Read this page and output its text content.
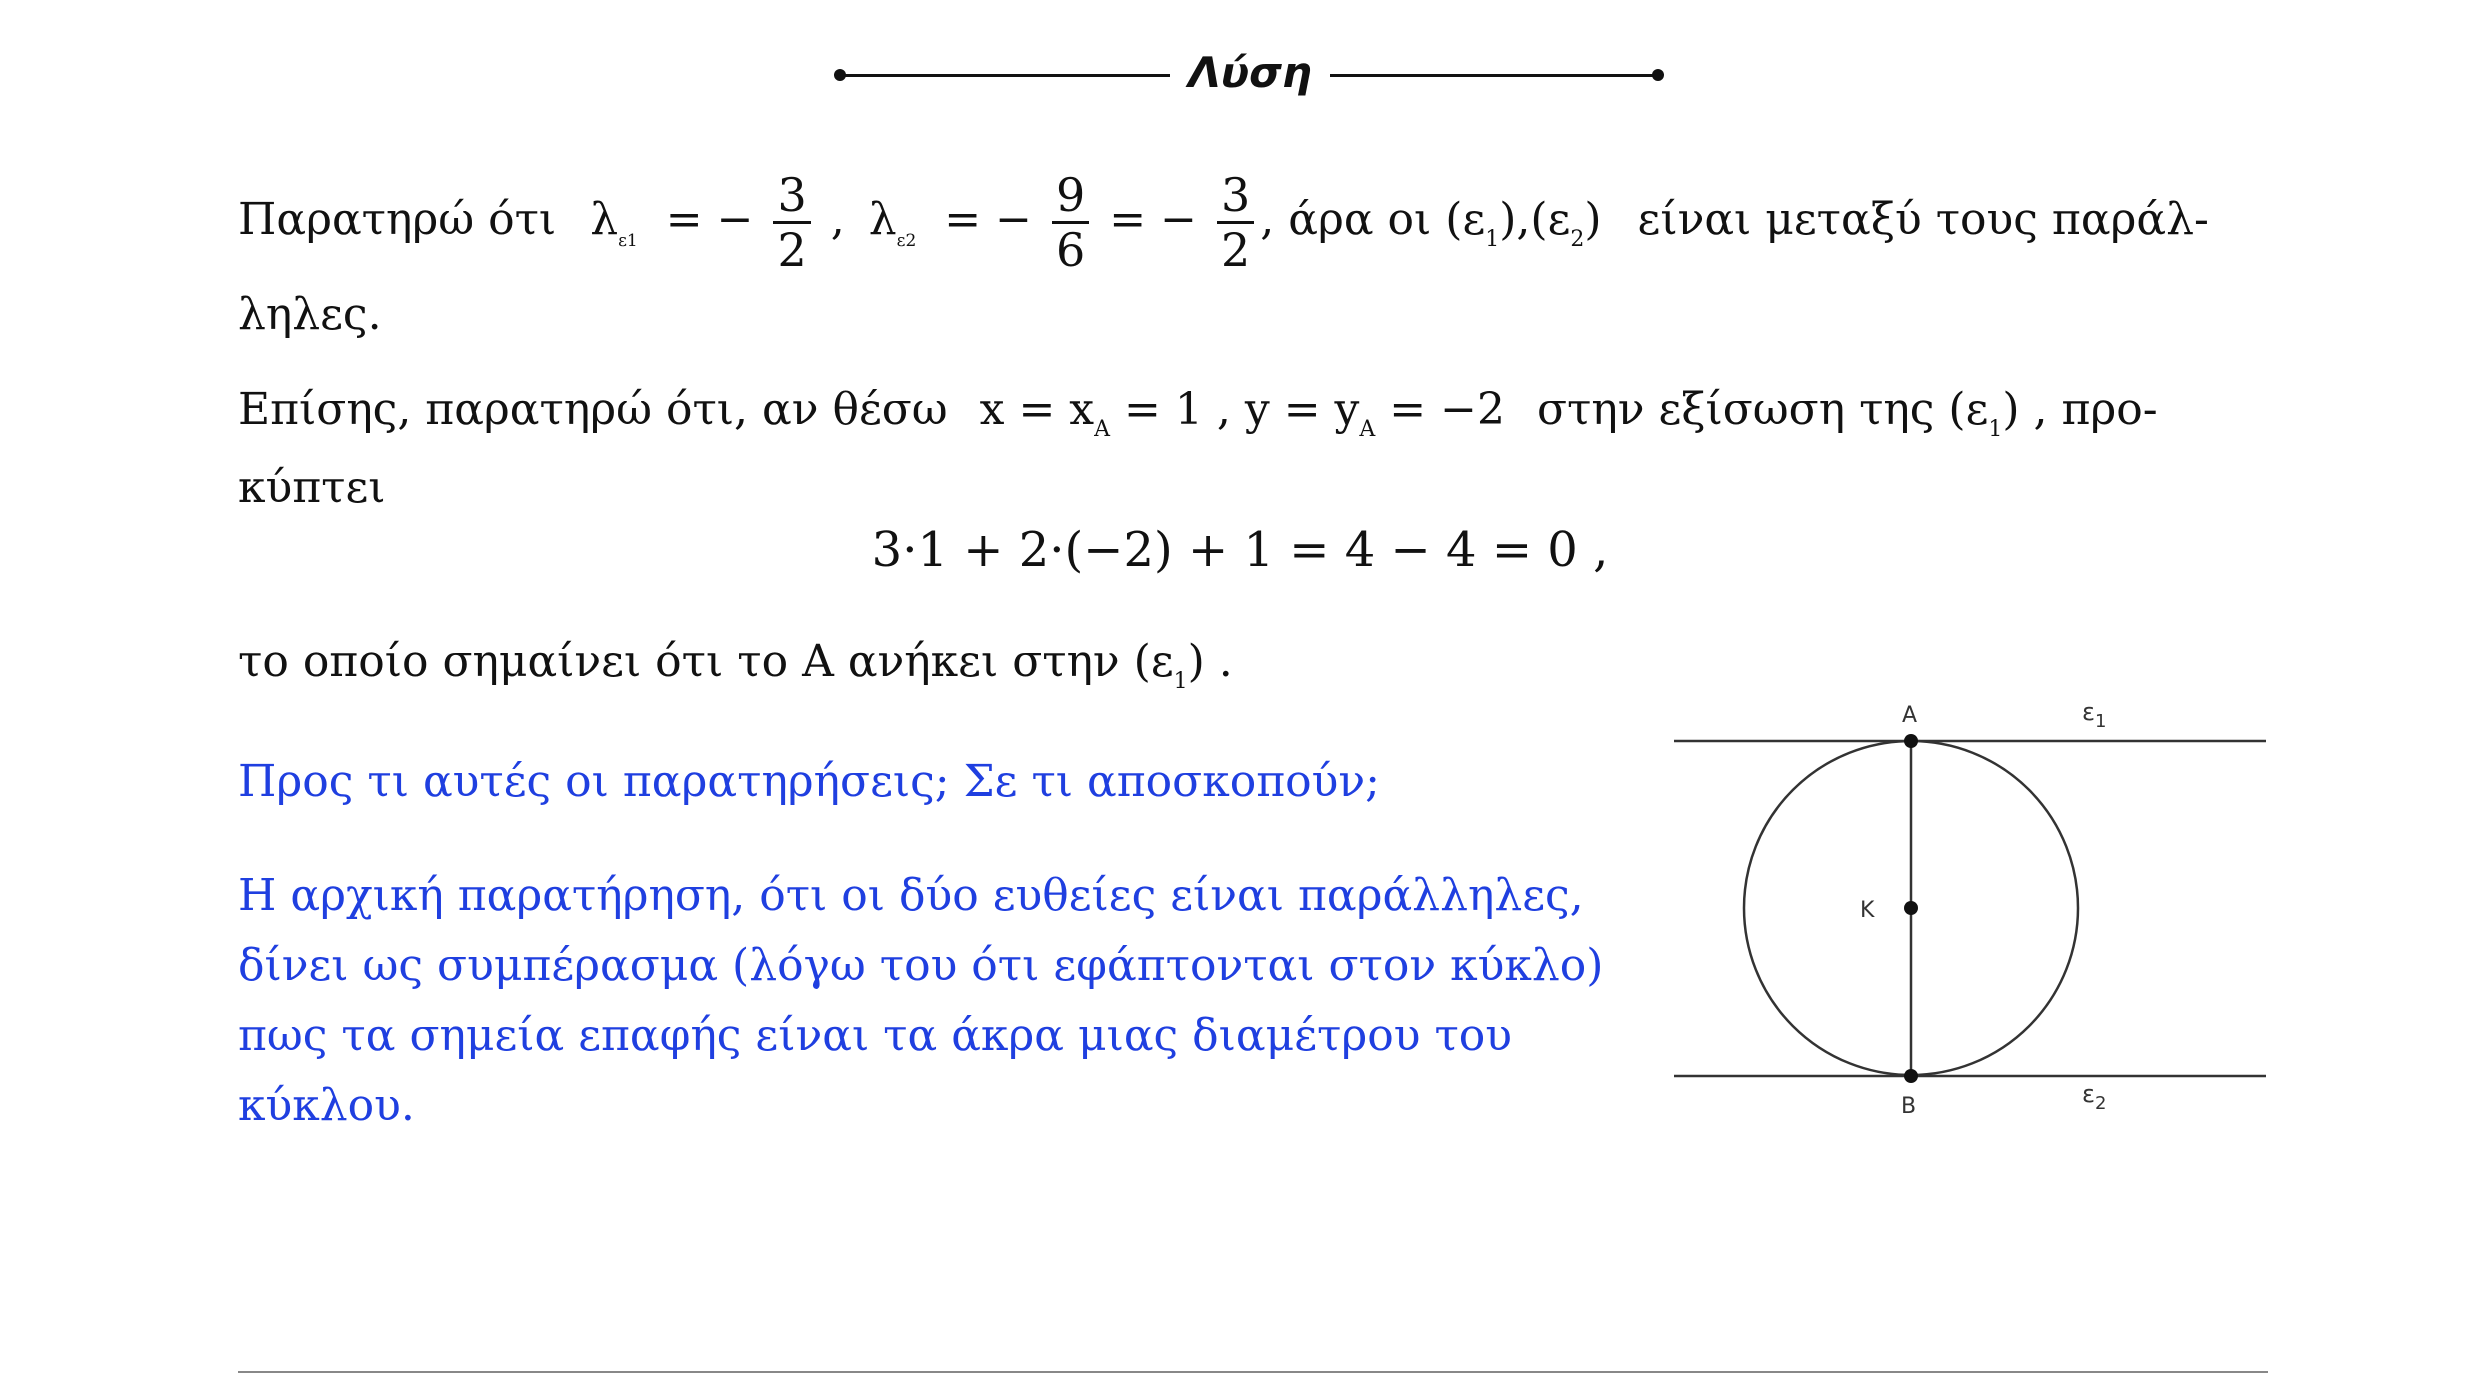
Λύση
Παρατηρώ ότι $\lambda_{\varepsilon 1}$ = − $\frac{3}{2}$ , $\lambda_{\varepsilon 2}$ = − $\frac{9}{6}$ = − $\frac{3}{2}$ , άρα οι $(\varepsilon_1),(\varepsilon_2)$ είναι μεταξύ τους παράλ-
ληλες.
Επίσης, παρατηρώ ότι, αν θέσω $x = x_A = 1$ , $y = y_A = -2$ στην εξίσωση της $(\varepsilon_1)$ , προ-
κύπτει
3·1 + 2·(−2) + 1 = 4 − 4 = 0 ,
το οποίο σημαίνει ότι το Α ανήκει στην $(\varepsilon_1)$ .
Προς τι αυτές οι παρατηρήσεις; Σε τι αποσκοπούν;
Η αρχική παρατήρηση, ότι οι δύο ευθείες είναι παράλληλες,
δίνει ως συμπέρασμα (λόγω του ότι εφάπτονται στον κύκλο)
πως τα σημεία επαφής είναι τα άκρα μιας διαμέτρου του
κύκλου.
A
K
B
$\varepsilon_1$
$\varepsilon_2$
